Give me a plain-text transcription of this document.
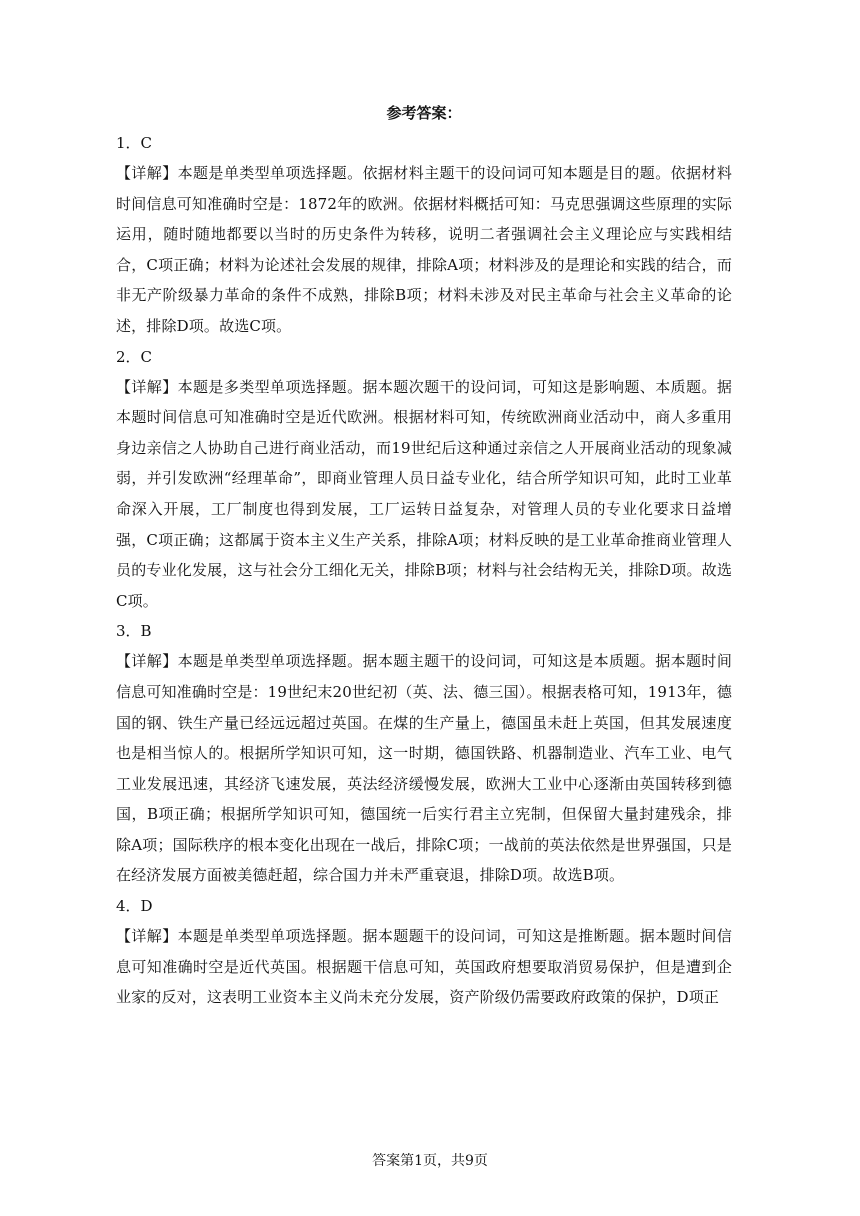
参考答案：

1．C

【详解】本题是单类型单项选择题。依据材料主题干的设问词可知本题是目的题。依据材料时间信息可知准确时空是：1872年的欧洲。依据材料概括可知：马克思强调这些原理的实际运用，随时随地都要以当时的历史条件为转移，说明二者强调社会主义理论应与实践相结合，C项正确；材料为论述社会发展的规律，排除A项；材料涉及的是理论和实践的结合，而非无产阶级暴力革命的条件不成熟，排除B项；材料未涉及对民主革命与社会主义革命的论述，排除D项。故选C项。

2．C

【详解】本题是多类型单项选择题。据本题次题干的设问词，可知这是影响题、本质题。据本题时间信息可知准确时空是近代欧洲。根据材料可知，传统欧洲商业活动中，商人多重用身边亲信之人协助自己进行商业活动，而19世纪后这种通过亲信之人开展商业活动的现象减弱，并引发欧洲“经理革命”，即商业管理人员日益专业化，结合所学知识可知，此时工业革命深入开展，工厂制度也得到发展，工厂运转日益复杂，对管理人员的专业化要求日益增强，C项正确；这都属于资本主义生产关系，排除A项；材料反映的是工业革命推商业管理人员的专业化发展，这与社会分工细化无关，排除B项；材料与社会结构无关，排除D项。故选C项。

3．B

【详解】本题是单类型单项选择题。据本题主题干的设问词，可知这是本质题。据本题时间信息可知准确时空是：19世纪末20世纪初（英、法、德三国）。根据表格可知，1913年，德国的钢、铁生产量已经远远超过英国。在煤的生产量上，德国虽未赶上英国，但其发展速度也是相当惊人的。根据所学知识可知，这一时期，德国铁路、机器制造业、汽车工业、电气工业发展迅速，其经济飞速发展，英法经济缓慢发展，欧洲大工业中心逐渐由英国转移到德国，B项正确；根据所学知识可知，德国统一后实行君主立宪制，但保留大量封建残余，排除A项；国际秩序的根本变化出现在一战后，排除C项；一战前的英法依然是世界强国，只是在经济发展方面被美德赶超，综合国力并未严重衰退，排除D项。故选B项。

4．D

【详解】本题是单类型单项选择题。据本题题干的设问词，可知这是推断题。据本题时间信息可知准确时空是近代英国。根据题干信息可知，英国政府想要取消贸易保护，但是遭到企业家的反对，这表明工业资本主义尚未充分发展，资产阶级仍需要政府政策的保护，D项正

答案第1页，共9页
